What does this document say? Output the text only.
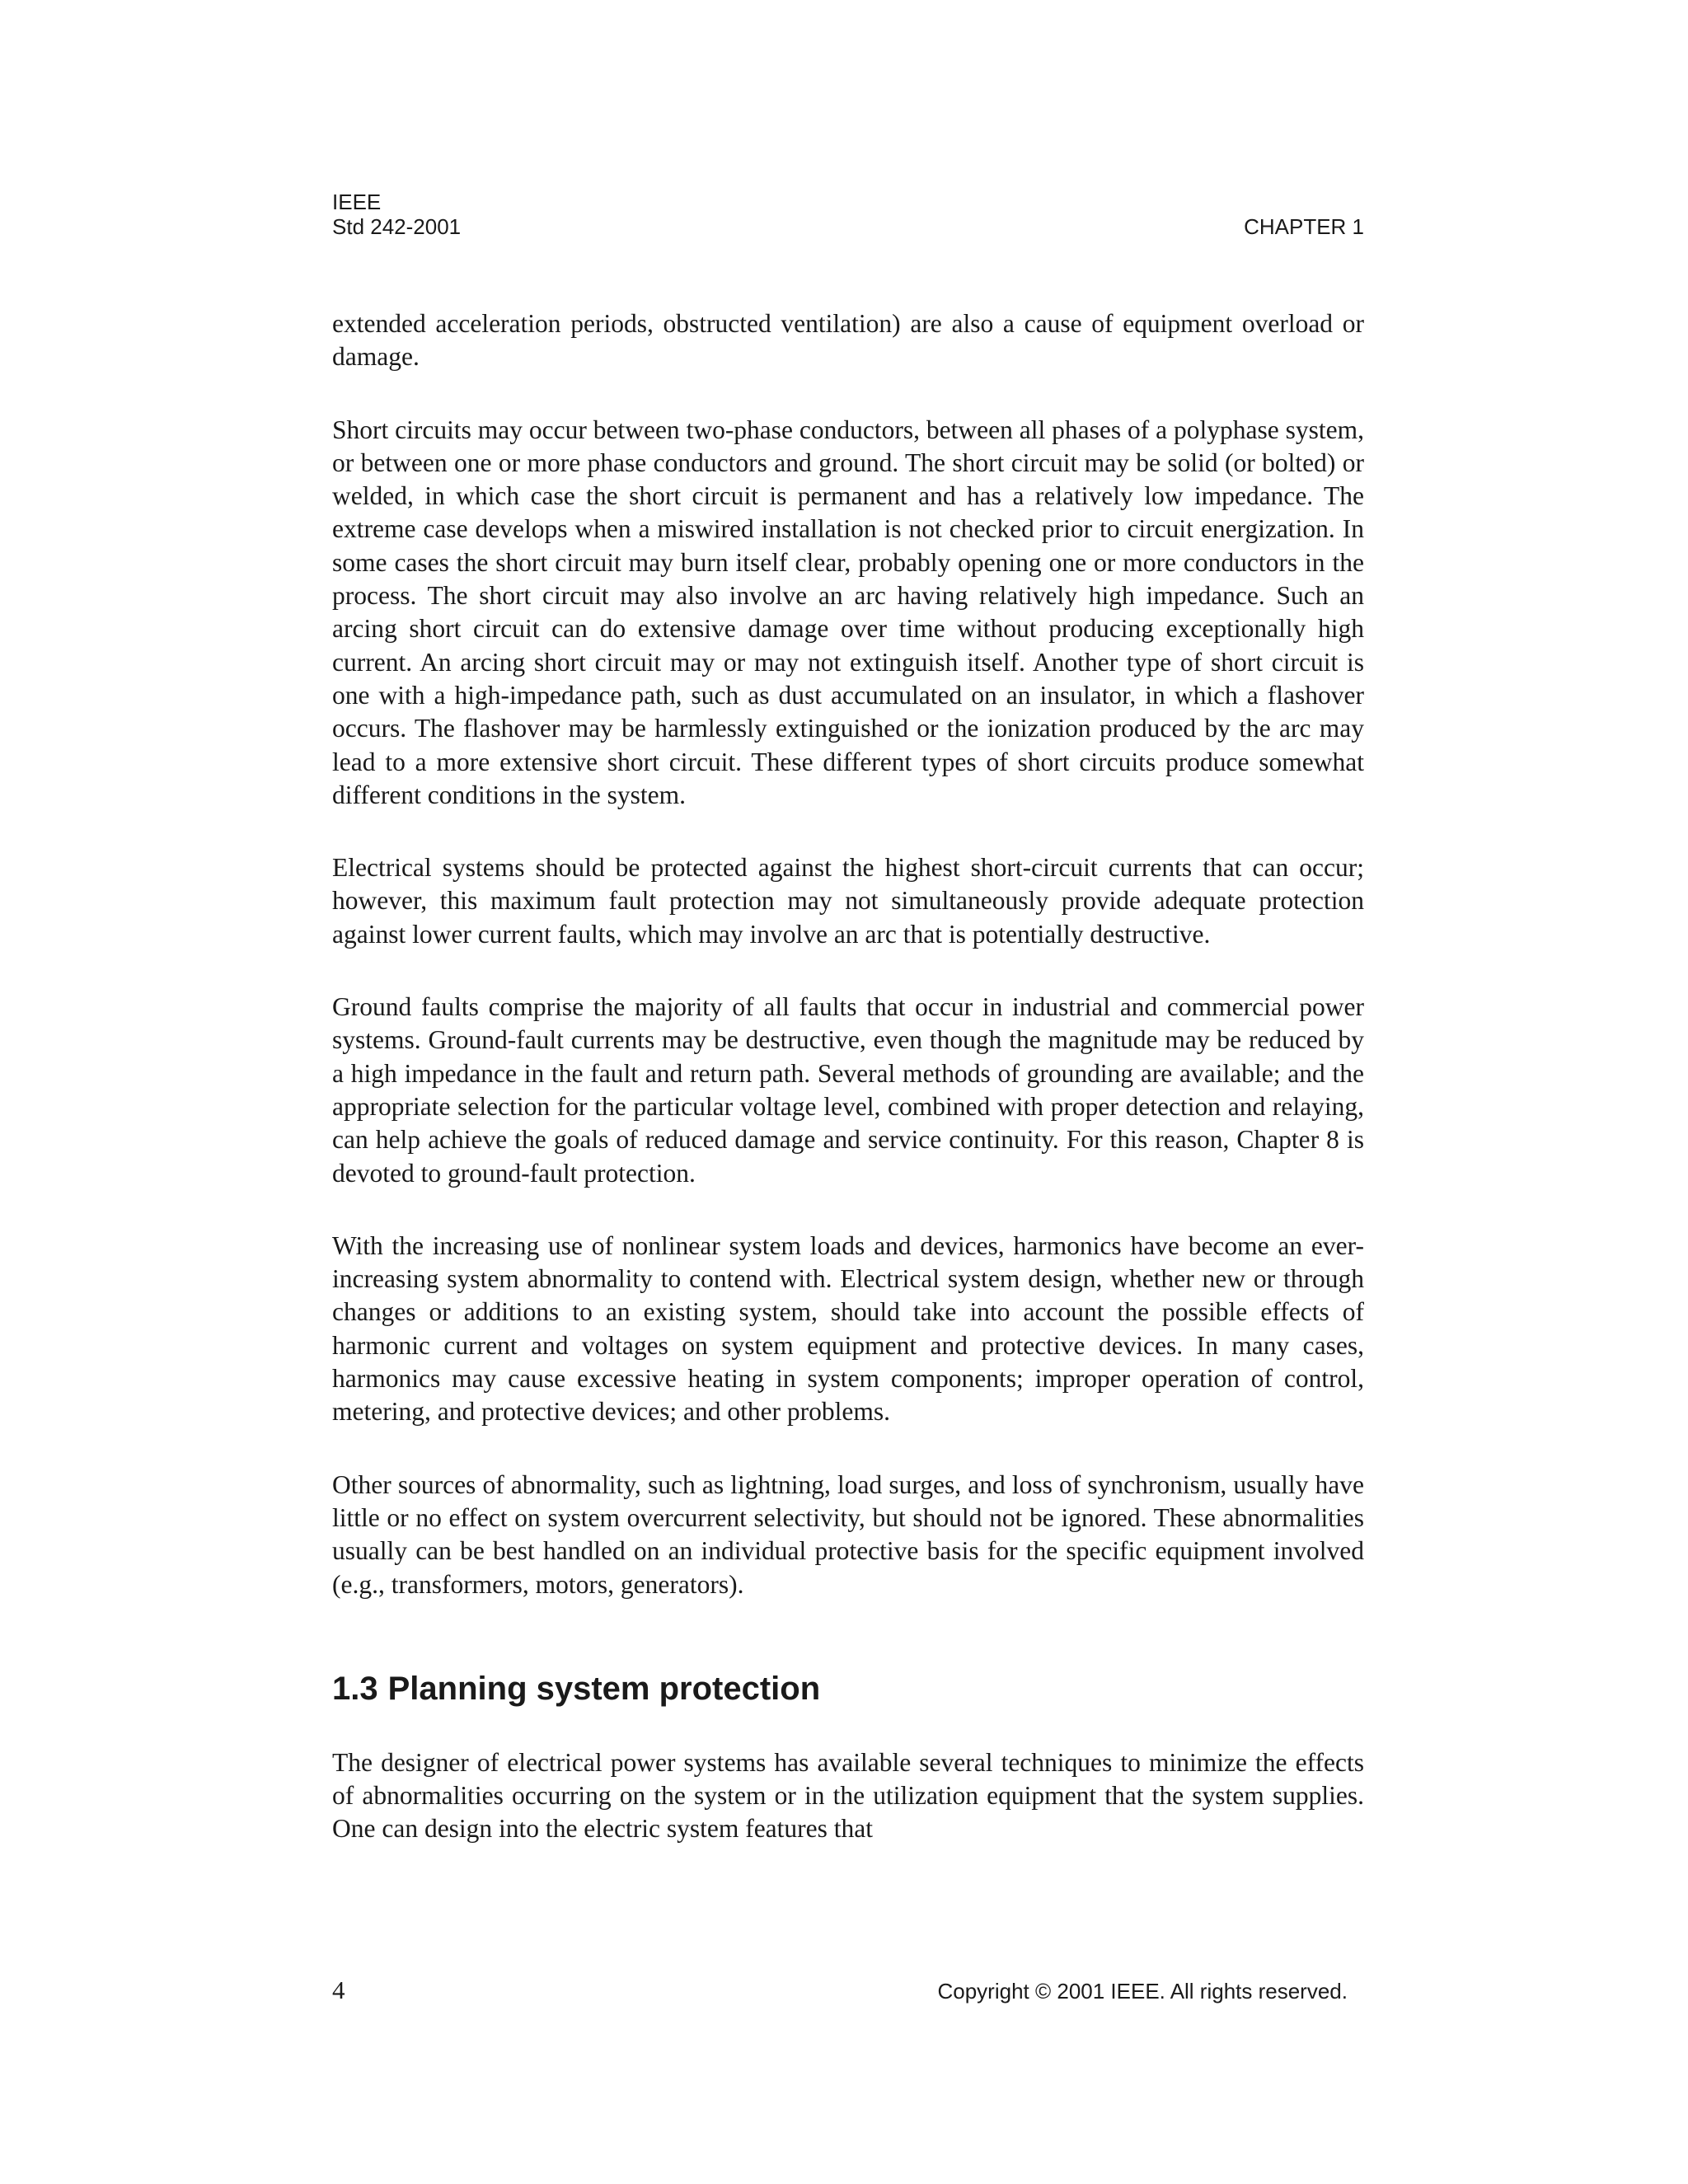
IEEE
Std 242-2001	CHAPTER 1

extended acceleration periods, obstructed ventilation) are also a cause of equipment overload or damage.

Short circuits may occur between two-phase conductors, between all phases of a polyphase system, or between one or more phase conductors and ground. The short circuit may be solid (or bolted) or welded, in which case the short circuit is permanent and has a relatively low impedance. The extreme case develops when a miswired installation is not checked prior to circuit energization. In some cases the short circuit may burn itself clear, probably opening one or more conductors in the process. The short circuit may also involve an arc having relatively high impedance. Such an arcing short circuit can do extensive damage over time without producing exceptionally high current. An arcing short circuit may or may not extinguish itself. Another type of short circuit is one with a high-impedance path, such as dust accumulated on an insulator, in which a flashover occurs. The flashover may be harmlessly extinguished or the ionization produced by the arc may lead to a more extensive short circuit. These different types of short circuits produce somewhat different conditions in the system.

Electrical systems should be protected against the highest short-circuit currents that can occur; however, this maximum fault protection may not simultaneously provide adequate protection against lower current faults, which may involve an arc that is potentially destructive.

Ground faults comprise the majority of all faults that occur in industrial and commercial power systems. Ground-fault currents may be destructive, even though the magnitude may be reduced by a high impedance in the fault and return path. Several methods of grounding are available; and the appropriate selection for the particular voltage level, combined with proper detection and relaying, can help achieve the goals of reduced damage and service continuity. For this reason, Chapter 8 is devoted to ground-fault protection.

With the increasing use of nonlinear system loads and devices, harmonics have become an ever-increasing system abnormality to contend with. Electrical system design, whether new or through changes or additions to an existing system, should take into account the possible effects of harmonic current and voltages on system equipment and protective devices. In many cases, harmonics may cause excessive heating in system components; improper operation of control, metering, and protective devices; and other problems.

Other sources of abnormality, such as lightning, load surges, and loss of synchronism, usually have little or no effect on system overcurrent selectivity, but should not be ignored. These abnormalities usually can be best handled on an individual protective basis for the specific equipment involved (e.g., transformers, motors, generators).

1.3 Planning system protection

The designer of electrical power systems has available several techniques to minimize the effects of abnormalities occurring on the system or in the utilization equipment that the system supplies. One can design into the electric system features that

4	Copyright © 2001 IEEE. All rights reserved.
